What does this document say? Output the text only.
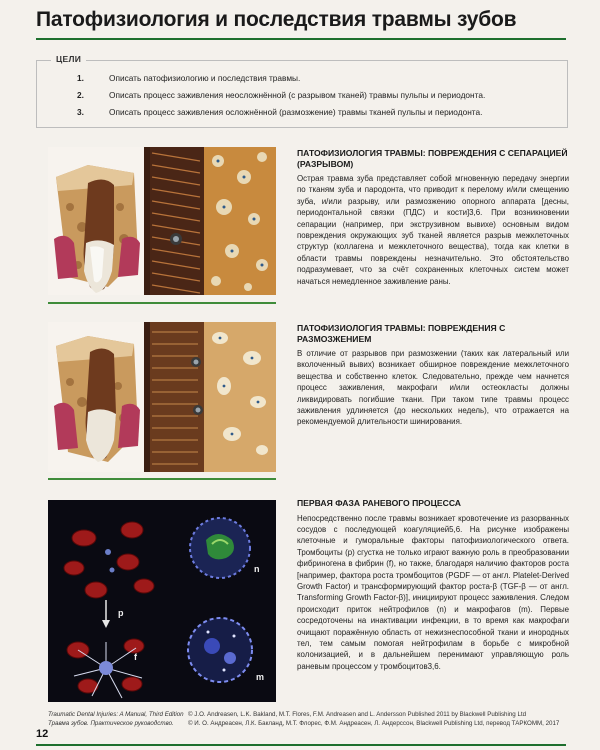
Патофизиология и последствия травмы зубов
ЦЕЛИ
1.	Описать патофизиологию и последствия травмы.
2.	Описать процесс заживления неосложнённой (с разрывом тканей) травмы пульпы и периодонта.
3.	Описать процесс заживления осложнённой (размозжение) травмы тканей пульпы и периодонта.
p
f
n
m
ПАТОФИЗИОЛОГИЯ ТРАВМЫ: ПОВРЕЖДЕНИЯ С СЕПАРАЦИЕЙ (РАЗРЫВОМ)
Острая травма зуба представляет собой мгновенную передачу энергии по тканям зуба и пародонта, что приводит к перелому и/или смещению зуба, и/или разрыву, или размозжению опорного аппарата [десны, периодонтальной связки (ПДС) и кости]3,6. При возникновении сепарации (например, при экструзивном вывихе) основным видом повреждения окружающих зуб тканей является разрыв межклеточных структур (коллагена и межклеточного вещества), тогда как клетки в области травмы повреждены незначительно. Это обстоятельство подразумевает, что за счёт сохраненных клеточных систем может начаться немедленное заживление раны.
ПАТОФИЗИОЛОГИЯ ТРАВМЫ: ПОВРЕЖДЕНИЯ С РАЗМОЗЖЕНИЕМ
В отличие от разрывов при размозжении (таких как латеральный или вколоченный вывих) возникает обширное повреждение межклеточного вещества и собственно клеток. Следовательно, прежде чем начнется процесс заживления, макрофаги и/или остеокласты должны ликвидировать погибшие ткани. При таком типе травмы процесс заживления удлиняется (до нескольких недель), что отражается на рекомендуемой длительности шинирования.
ПЕРВАЯ ФАЗА РАНЕВОГО ПРОЦЕССА
Непосредственно после травмы возникает кровотечение из разорванных сосудов с последующей коагуляцией5,6. На рисунке изображены клеточные и гуморальные факторы патофизиологического ответа. Тромбоциты (p) сгустка не только играют важную роль в преобразовании фибриногена в фибрин (f), но также, благодаря наличию факторов роста [например, фактора роста тромбоцитов (PGDF — от англ. Platelet-Derived Growth Factor) и трансформирующий фактор роста-β (TGF-β — от англ. Transforming Growth Factor-β)], инициируют процесс заживления. Следом происходит приток нейтрофилов (n) и макрофагов (m). Первые сосредоточены на инактивации инфекции, в то время как макрофаги очищают поражённую область от нежизнеспособной ткани и инородных тел, тем самым помогая нейтрофилам в борьбе с микробной колонизацией, и в дальнейшем перенимают управляющую роль раневым процессом у тромбоцитов3,6.
Traumatic Dental Injuries: A Manual, Third Edition © J.O. Andreasen, L.K. Bakland, M.T. Flores, F.M. Andreasen and L. Andersson Published 2011 by Blackwell Publishing Ltd
Травма зубов. Практическое руководство. © И. О. Андреасен, Л.К. Бакланд, М.Т. Флорес, Ф.М. Андреасен, Л. Андерссон, Blackwell Publishing Ltd, перевод ТАРКОММ, 2017
12
